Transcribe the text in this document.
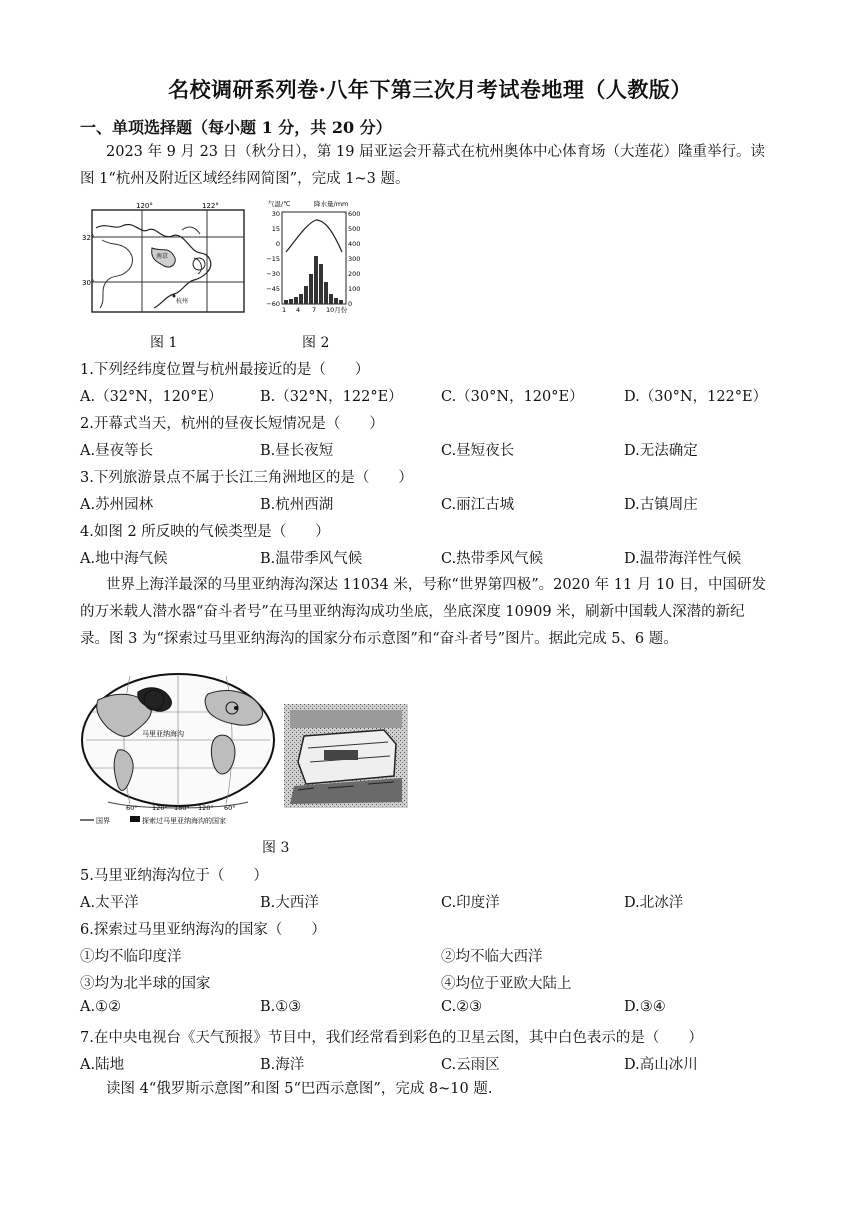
名校调研系列卷·八年下第三次月考试卷地理（人教版）
一、单项选择题（每小题 1 分，共 20 分）
2023 年 9 月 23 日（秋分日），第 19 届亚运会开幕式在杭州奥体中心体育场（大莲花）隆重举行。读
图 1“杭州及附近区域经纬网简图”，完成 1~3 题。
120°	122°
32°
30°
南京
杭州
气温/℃	降水量/mm
30
15
0
−15
−30
−45
−60
600
500
400
300
200
100
0
1 4 7 10月份
图 1	图 2
1.下列经纬度位置与杭州最接近的是（　　）
A.（32°N，120°E）	B.（32°N，122°E）	C.（30°N，120°E）	D.（30°N，122°E）
2.开幕式当天，杭州的昼夜长短情况是（　　）
A.昼夜等长	B.昼长夜短	C.昼短夜长	D.无法确定
3.下列旅游景点不属于长江三角洲地区的是（　　）
A.苏州园林	B.杭州西湖	C.丽江古城	D.古镇周庄
4.如图 2 所反映的气候类型是（　　）
A.地中海气候	B.温带季风气候	C.热带季风气候	D.温带海洋性气候
世界上海洋最深的马里亚纳海沟深达 11034 米，号称“世界第四极”。2020 年 11 月 10 日，中国研发
的万米载人潜水器“奋斗者号”在马里亚纳海沟成功坐底，坐底深度 10909 米，刷新中国载人深潜的新纪
录。图 3 为“探索过马里亚纳海沟的国家分布示意图”和“奋斗者号”图片。据此完成 5、6 题。
马里亚纳海沟
60° 120° 180° 120° 60°
国界	探索过马里亚纳海沟的国家
图 3
5.马里亚纳海沟位于（　　）
A.太平洋	B.大西洋	C.印度洋	D.北冰洋
6.探索过马里亚纳海沟的国家（　　）
①均不临印度洋	②均不临大西洋
③均为北半球的国家	④均位于亚欧大陆上
A.①②	B.①③	C.②③	D.③④
7.在中央电视台《天气预报》节目中，我们经常看到彩色的卫星云图，其中白色表示的是（　　）
A.陆地	B.海洋	C.云雨区	D.高山冰川
读图 4“俄罗斯示意图”和图 5“巴西示意图”，完成 8~10 题.
